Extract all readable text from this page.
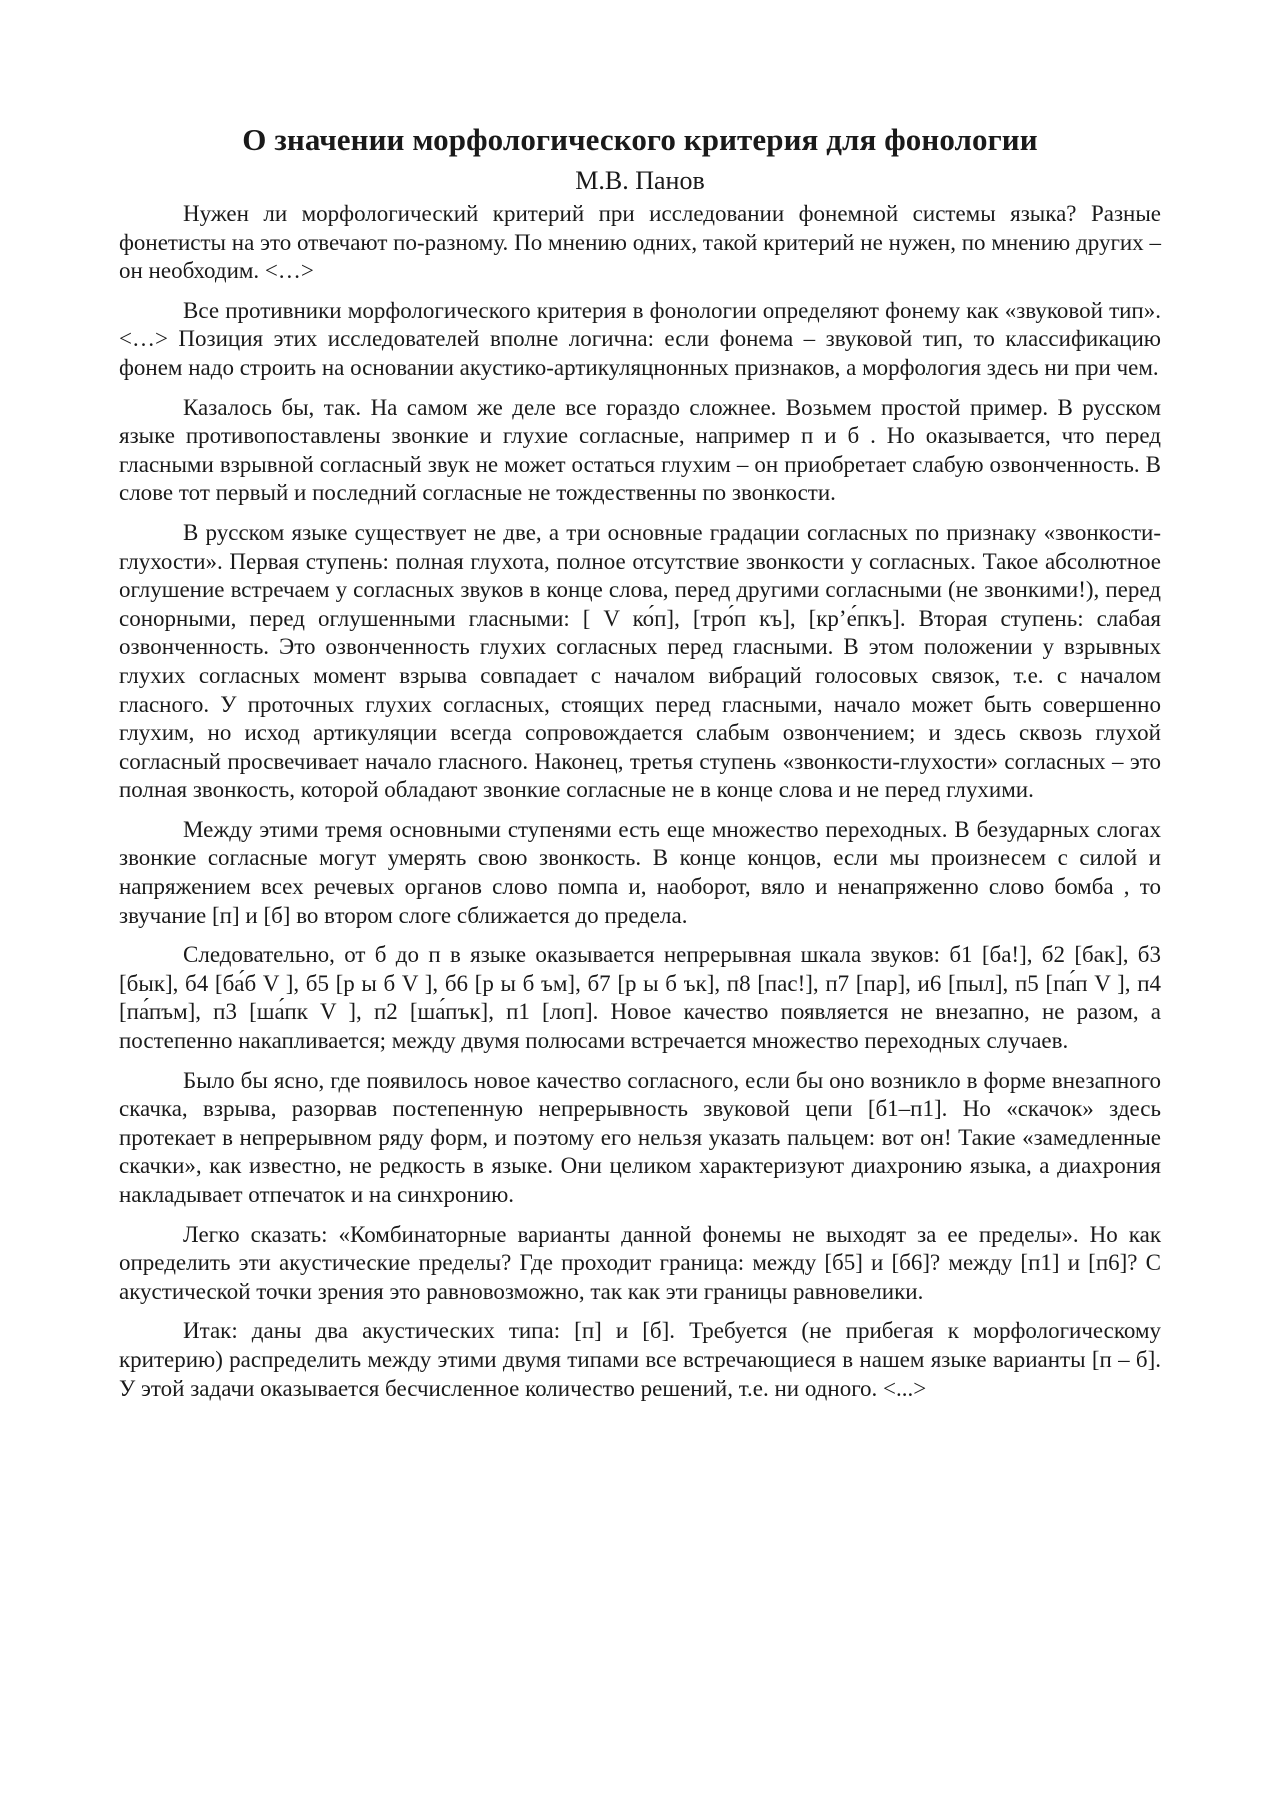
О значении морфологического критерия для фонологии
М.В. Панов

Нужен ли морфологический критерий при исследовании фонемной системы языка? Разные фонетисты на это отвечают по-разному. По мнению одних, такой критерий не нужен, по мнению других – он необходим. <…>

Все противники морфологического критерия в фонологии определяют фонему как «звуковой тип». <…> Позиция этих исследователей вполне логична: если фонема – звуковой тип, то классификацию фонем надо строить на основании акустико-артикуляцнонных признаков, а морфология здесь ни при чем.

Казалось бы, так. На самом же деле все гораздо сложнее. Возьмем простой пример. В русском языке противопоставлены звонкие и глухие согласные, например п и б . Но оказывается, что перед гласными взрывной согласный звук не может остаться глухим – он приобретает слабую озвонченность. В слове тот первый и последний согласные не тождественны по звонкости.

В русском языке существует не две, а три основные градации согласных по признаку «звонкости-глухости». Первая ступень: полная глухота, полное отсутствие звонкости у согласных. Такое абсолютное оглушение встречаем у согласных звуков в конце слова, перед другими согласными (не звонкими!), перед сонорными, перед оглушенными гласными: [ V ко́п], [тро́п къ], [кр’е́пкъ]. Вторая ступень: слабая озвонченность. Это озвонченность глухих согласных перед гласными. В этом положении у взрывных глухих согласных момент взрыва совпадает с началом вибраций голосовых связок, т.е. с началом гласного. У проточных глухих согласных, стоящих перед гласными, начало может быть совершенно глухим, но исход артикуляции всегда сопровождается слабым озвончением; и здесь сквозь глухой согласный просвечивает начало гласного. Наконец, третья ступень «звонкости-глухости» согласных – это полная звонкость, которой обладают звонкие согласные не в конце слова и не перед глухими.

Между этими тремя основными ступенями есть еще множество переходных. В безударных слогах звонкие согласные могут умерять свою звонкость. В конце концов, если мы произнесем с силой и напряжением всех речевых органов слово помпа и, наоборот, вяло и ненапряженно слово бомба , то звучание [п] и [б] во втором слоге сближается до предела.

Следовательно, от б до п в языке оказывается непрерывная шкала звуков: б1 [ба!], б2 [бак], б3 [бык], б4 [ба́б V ], б5 [р ы б V ], б6 [р ы б ъм], б7 [р ы б ък], п8 [пас!], п7 [пар], и6 [пыл], п5 [па́п V ], п4 [па́пъм], п3 [ша́пк V ], п2 [ша́пък], п1 [лоп]. Новое качество появляется не внезапно, не разом, а постепенно накапливается; между двумя полюсами встречается множество переходных случаев.

Было бы ясно, где появилось новое качество согласного, если бы оно возникло в форме внезапного скачка, взрыва, разорвав постепенную непрерывность звуковой цепи [б1–п1]. Но «скачок» здесь протекает в непрерывном ряду форм, и поэтому его нельзя указать пальцем: вот он! Такие «замедленные скачки», как известно, не редкость в языке. Они целиком характеризуют диахронию языка, а диахрония накладывает отпечаток и на синхронию.

Легко сказать: «Комбинаторные варианты данной фонемы не выходят за ее пределы». Но как определить эти акустические пределы? Где проходит граница: между [б5] и [б6]? между [п1] и [п6]? С акустической точки зрения это равновозможно, так как эти границы равновелики.

Итак: даны два акустических типа: [п] и [б]. Требуется (не прибегая к морфологическому критерию) распределить между этими двумя типами все встречающиеся в нашем языке варианты [п – б]. У этой задачи оказывается бесчисленное количество решений, т.е. ни одного. <...>
